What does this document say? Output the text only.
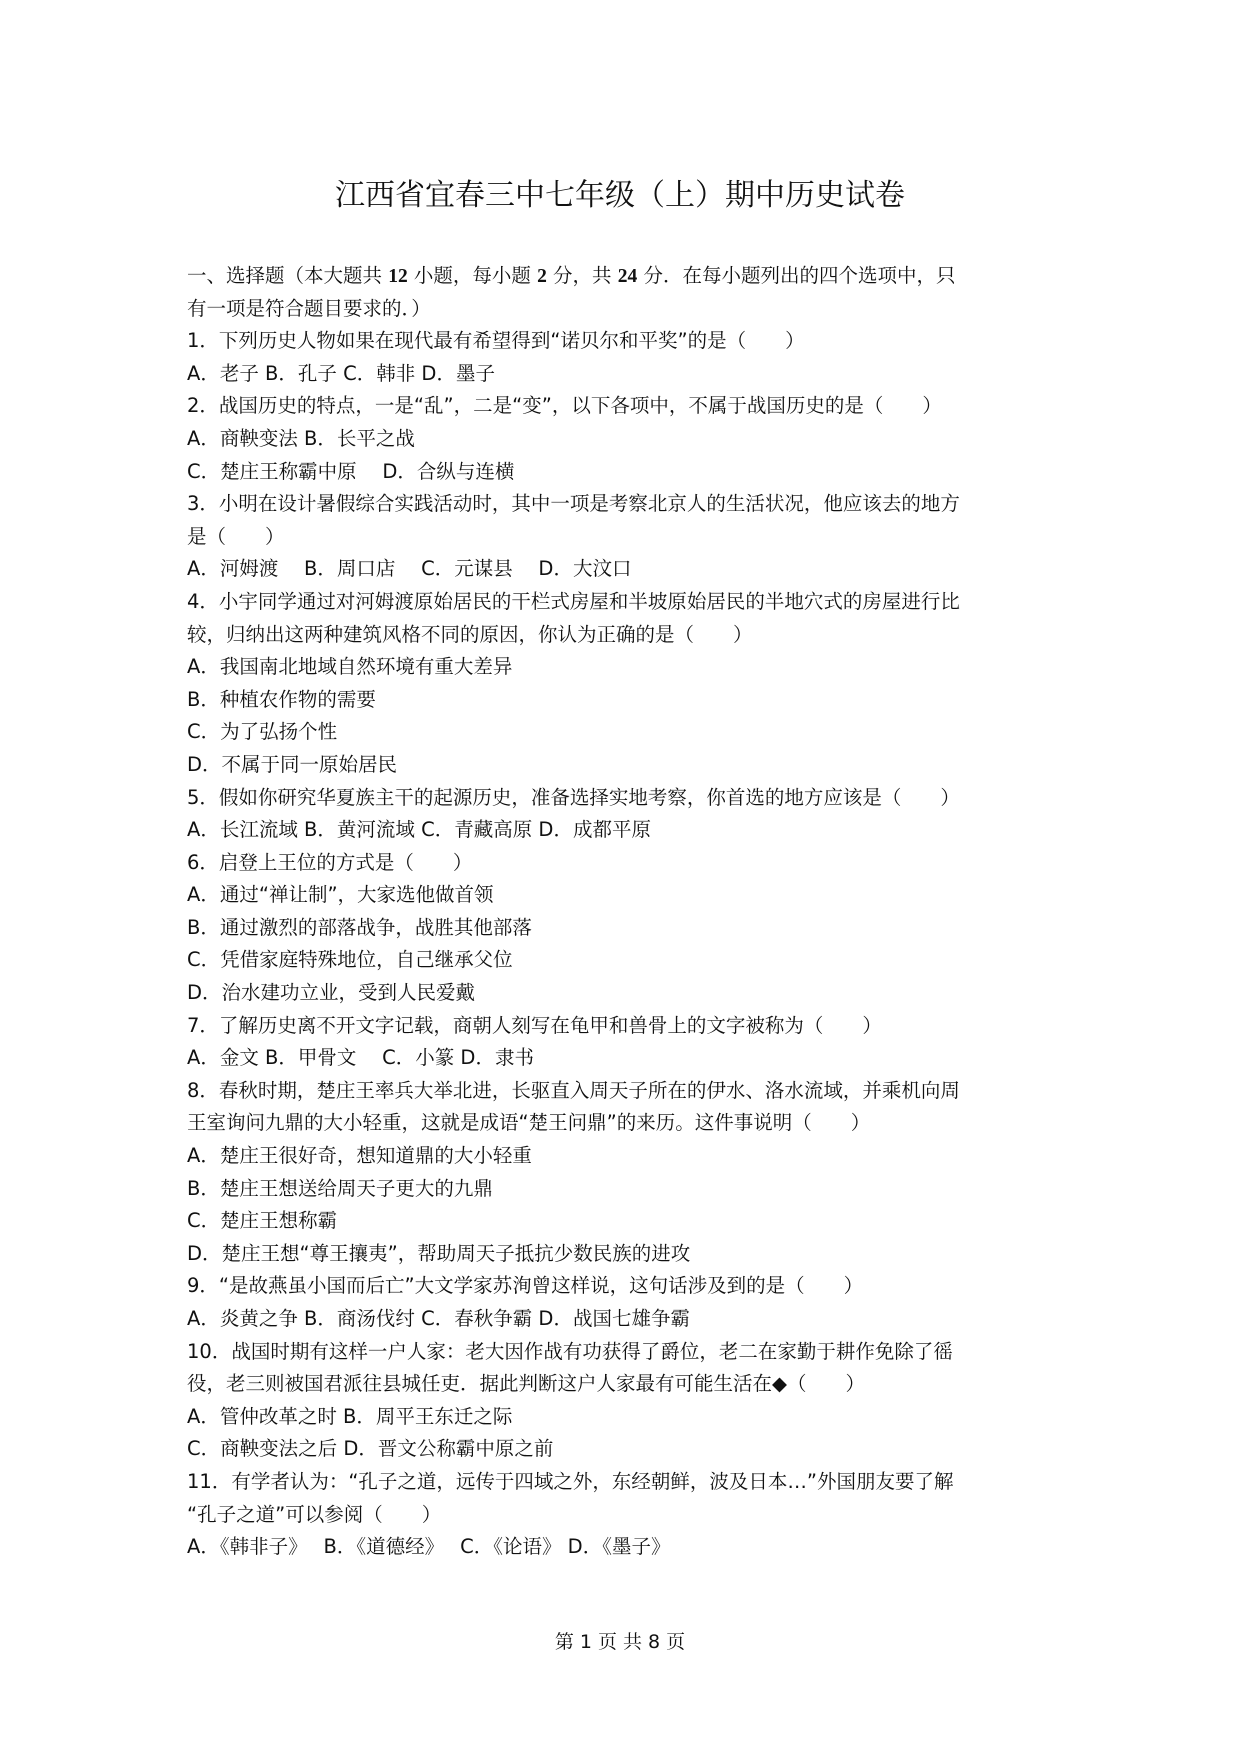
江西省宜春三中七年级（上）期中历史试卷
一、选择题（本大题共 12 小题，每小题 2 分，共 24 分．在每小题列出的四个选项中，只
有一项是符合题目要求的．）
1．下列历史人物如果在现代最有希望得到“诺贝尔和平奖”的是（　　）
A．老子 B．孔子 C．韩非 D．墨子
2．战国历史的特点，一是“乱”，二是“变”，以下各项中，不属于战国历史的是（　　）
A．商鞅变法 B．长平之战
C．楚庄王称霸中原　 D．合纵与连横
3．小明在设计暑假综合实践活动时，其中一项是考察北京人的生活状况，他应该去的地方
是（　　）
A．河姆渡　 B．周口店　 C．元谋县　 D．大汶口
4．小宇同学通过对河姆渡原始居民的干栏式房屋和半坡原始居民的半地穴式的房屋进行比
较，归纳出这两种建筑风格不同的原因，你认为正确的是（　　）
A．我国南北地域自然环境有重大差异
B．种植农作物的需要
C．为了弘扬个性
D．不属于同一原始居民
5．假如你研究华夏族主干的起源历史，准备选择实地考察，你首选的地方应该是（　　）
A．长江流域 B．黄河流域 C．青藏高原 D．成都平原
6．启登上王位的方式是（　　）
A．通过“禅让制”，大家选他做首领
B．通过激烈的部落战争，战胜其他部落
C．凭借家庭特殊地位，自己继承父位
D．治水建功立业，受到人民爱戴
7．了解历史离不开文字记载，商朝人刻写在龟甲和兽骨上的文字被称为（　　）
A．金文 B．甲骨文　 C．小篆 D．隶书
8．春秋时期，楚庄王率兵大举北进，长驱直入周天子所在的伊水、洛水流域，并乘机向周
王室询问九鼎的大小轻重，这就是成语“楚王问鼎”的来历。这件事说明（　　）
A．楚庄王很好奇，想知道鼎的大小轻重
B．楚庄王想送给周天子更大的九鼎
C．楚庄王想称霸
D．楚庄王想“尊王攘夷”，帮助周天子抵抗少数民族的进攻
9．“是故燕虽小国而后亡”大文学家苏洵曾这样说，这句话涉及到的是（　　）
A．炎黄之争 B．商汤伐纣 C．春秋争霸 D．战国七雄争霸
10．战国时期有这样一户人家：老大因作战有功获得了爵位，老二在家勤于耕作免除了徭
役，老三则被国君派往县城任吏．据此判断这户人家最有可能生活在◆（　　）
A．管仲改革之时 B．周平王东迁之际
C．商鞅变法之后 D．晋文公称霸中原之前
11．有学者认为：“孔子之道，远传于四域之外，东经朝鲜，波及日本…”外国朋友要了解
“孔子之道”可以参阅（　　）
A．《韩非子》　 B．《道德经》　 C．《论语》 D．《墨子》
第 1 页 共 8 页
